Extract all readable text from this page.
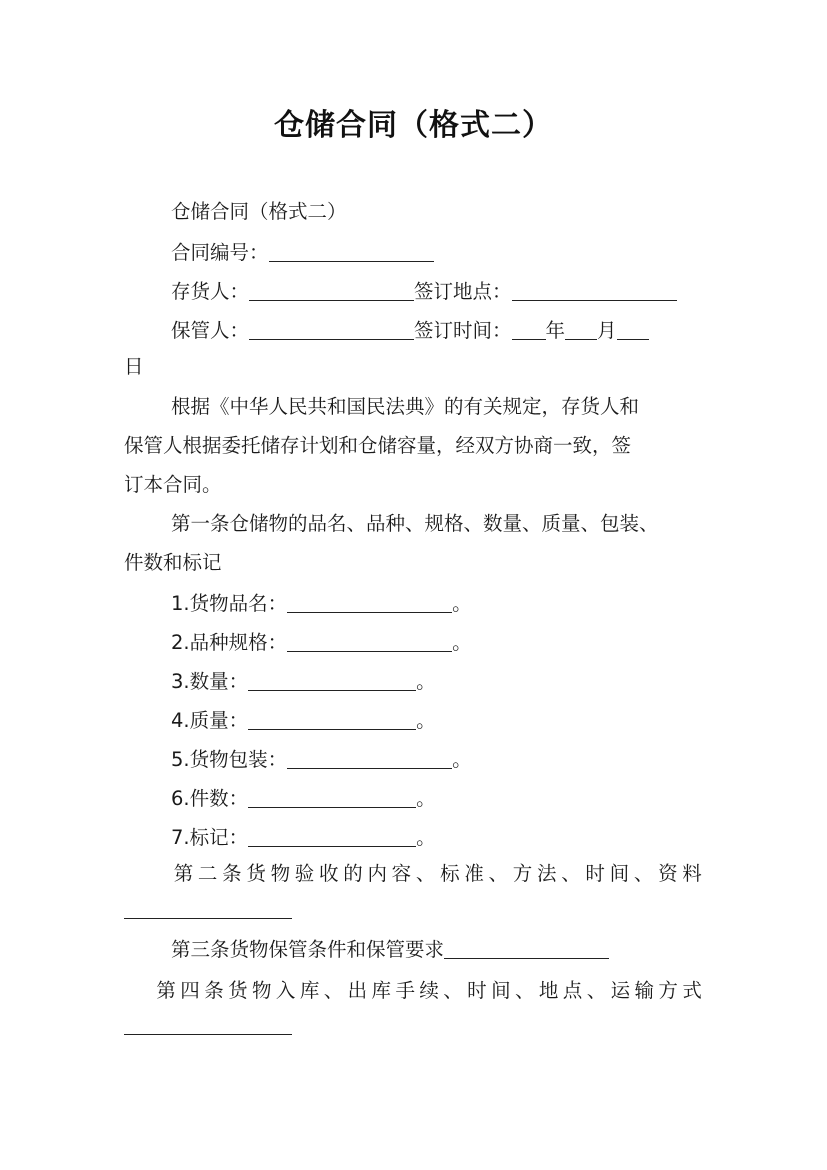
仓储合同（格式二）
仓储合同（格式二）
合同编号：
存货人：	签订地点：
保管人：	签订时间： 年 月
日
根据《中华人民共和国民法典》的有关规定，存货人和
保管人根据委托储存计划和仓储容量，经双方协商一致，签
订本合同。
第一条仓储物的品名、品种、规格、数量、质量、包装、
件数和标记
1.货物品名：	。
2.品种规格：	。
3.数量：	。
4.质量：	。
5.货物包装：	。
6.件数：	。
7.标记：	。
第 二 条 货 物 验 收 的 内 容 、 标 准 、 方 法 、 时 间 、 资 料
第三条货物保管条件和保管要求
第 四 条 货 物 入 库 、 出 库 手 续 、 时 间 、 地 点 、 运 输 方 式
